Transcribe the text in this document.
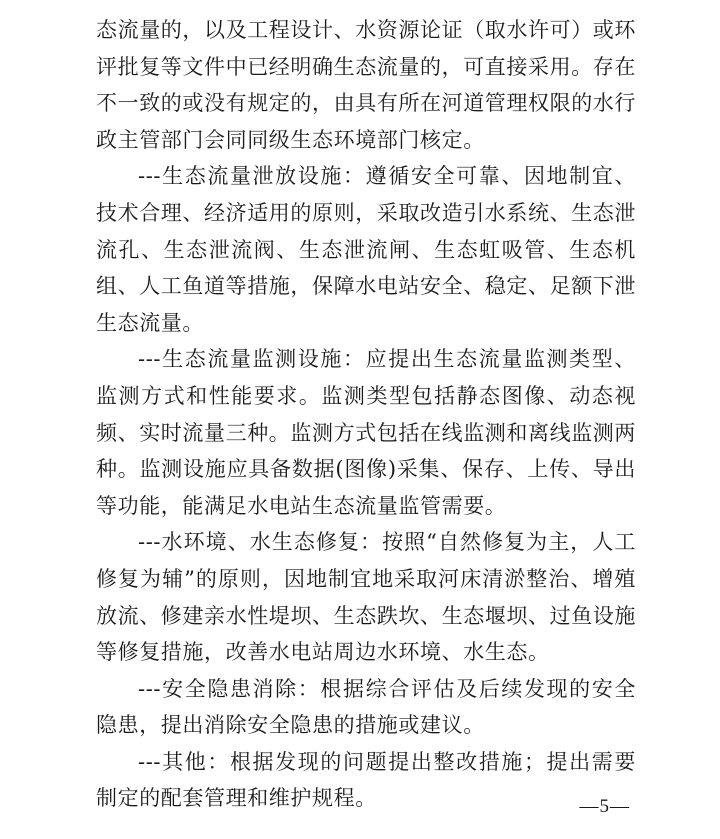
态流量的，以及工程设计、水资源论证（取水许可）或环评批复等文件中已经明确生态流量的，可直接采用。存在不一致的或没有规定的，由具有所在河道管理权限的水行政主管部门会同同级生态环境部门核定。

---生态流量泄放设施：遵循安全可靠、因地制宜、技术合理、经济适用的原则，采取改造引水系统、生态泄流孔、生态泄流阀、生态泄流闸、生态虹吸管、生态机组、人工鱼道等措施，保障水电站安全、稳定、足额下泄生态流量。

---生态流量监测设施：应提出生态流量监测类型、监测方式和性能要求。监测类型包括静态图像、动态视频、实时流量三种。监测方式包括在线监测和离线监测两种。监测设施应具备数据(图像)采集、保存、上传、导出等功能，能满足水电站生态流量监管需要。

---水环境、水生态修复：按照“自然修复为主，人工修复为辅”的原则，因地制宜地采取河床清淤整治、增殖放流、修建亲水性堤坝、生态跌坎、生态堰坝、过鱼设施等修复措施，改善水电站周边水环境、水生态。

---安全隐患消除：根据综合评估及后续发现的安全隐患，提出消除安全隐患的措施或建议。

---其他：根据发现的问题提出整改措施；提出需要制定的配套管理和维护规程。	—5—
